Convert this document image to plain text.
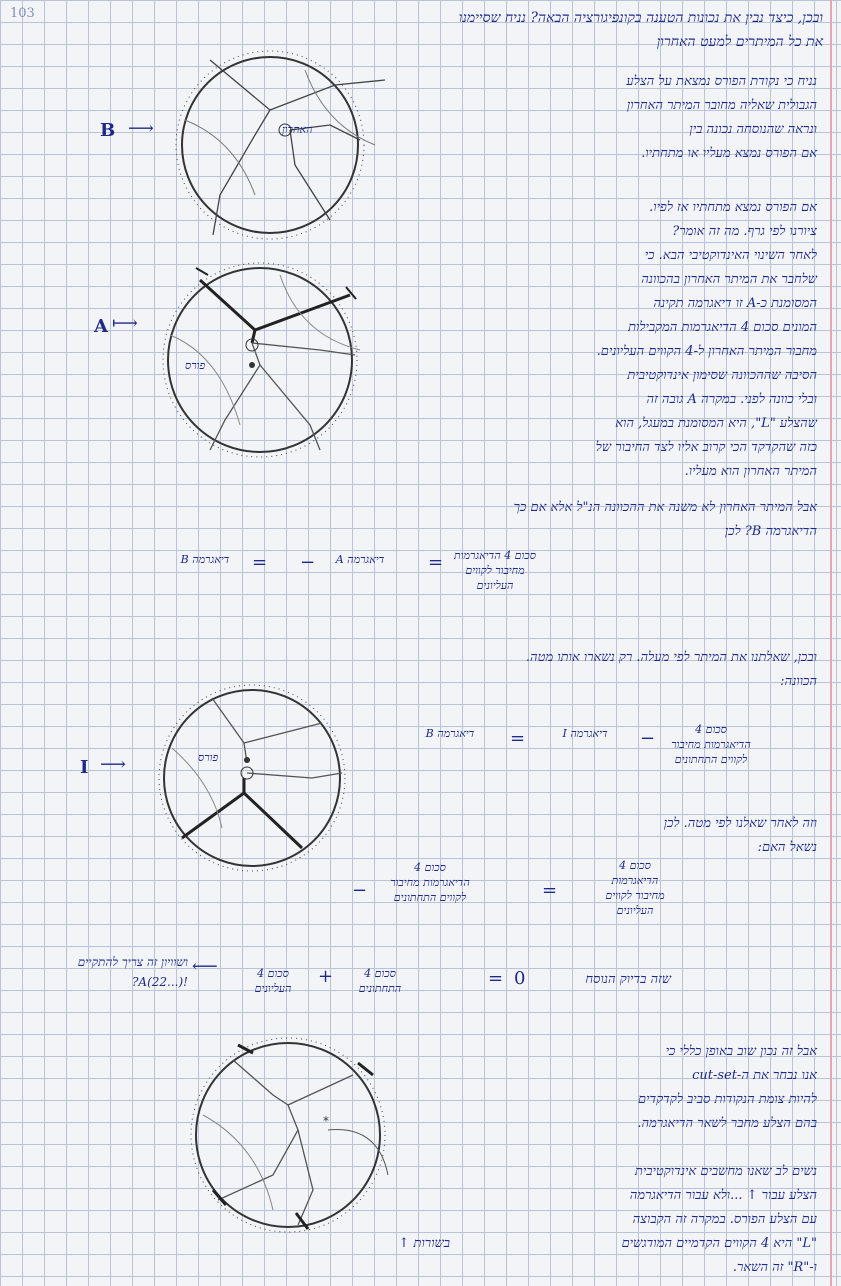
103	ובכן, כיצד נבין את נכונות הטענה בקונפיגורציה הבאה? נניח שסיימנו
את כל המיתרים למעט האחרון
האחרון
B ⟶
נניח כי נקודת הפורס נמצאת על הצלע
הגבולית שאליה מחובר המיתר האחרון
ונראה שהנוסחה נכונה בין
אם הפורס נמצא מעליו או מתחתיו.
אם הפורס נמצא מתחתיו אז לפיו.
ציורנו לפי גרף. מה זה אומר?
לאחר השינוי האינדוקטיבי הבא. כי
שלחבר את המיתר האחרון בהכוונה
המסומנת כ-A זו דיאגרמה תקינה
המונים סכום 4 הדיאגרמות המקבילות
מחבור המיתר האחרון ל-4 הקווים העליונים.
הסיבה שההכוונה שסימון אינדוקטיבית
ובלי כוונה לפני. במקרה A גובה זה
שהצלע "L", היא המסומנת במעגל, הוא
כזה שהקדקד הכי קרוב אליו לצד החיבור של
המיתר האחרון הוא מעליו.
פורס
A ⟼
אבל המיתר האחרון לא משנה את ההכוונה הנ"ל אלא אם כך
הדיאגרמה B? לכן
דיאגרמה B	=	דיאגרמה A
−	= סכום 4 הדיאגרמות
מחיבור לקווים
העליונים
ובכן, שאלתנו את המיתר לפי מעלה. רק נשארו אותו מטה.
הכוונה:
פורס
I ⟶
דיאגרמה B	=	דיאגרמה I	−	סכום 4
הדיאגרמות מחיבור
לקווים התחתונים
וזה לאחר שאלנו לפי מטה. לכן
נשאל האם:
סכום 4
הדיאגרמות מחיבור
לקווים התחתונים
−	=
סכום 4
הדיאגרמות
מחיבור לקווים
העליונים
ושוויון זה צריך להתקיים
!A(22...)?
⟵	סכום 4
העליונים
+	סכום 4
התחתונים	= 0	שזה בדיוק הנוסח
*
אבל זה נכון שוב באופן כללי כי
אנו נבחר את ה-cut-set
להיות צומת הנקודות סביב לקדקדים
בהם הצלע מחבר לשאר הדיאגרמה.
נשים לב שאנו מחשבים אינדוקטיבית
הצלע עבור ↑ ...ולא עבור הדיאגרמה
עם הצלע הפורס. במקרה זה הקבוצה
"L" היא 4 הקווים הקדמיים המודגשים
ו-"R" זה השאר.
בשורות ↑
